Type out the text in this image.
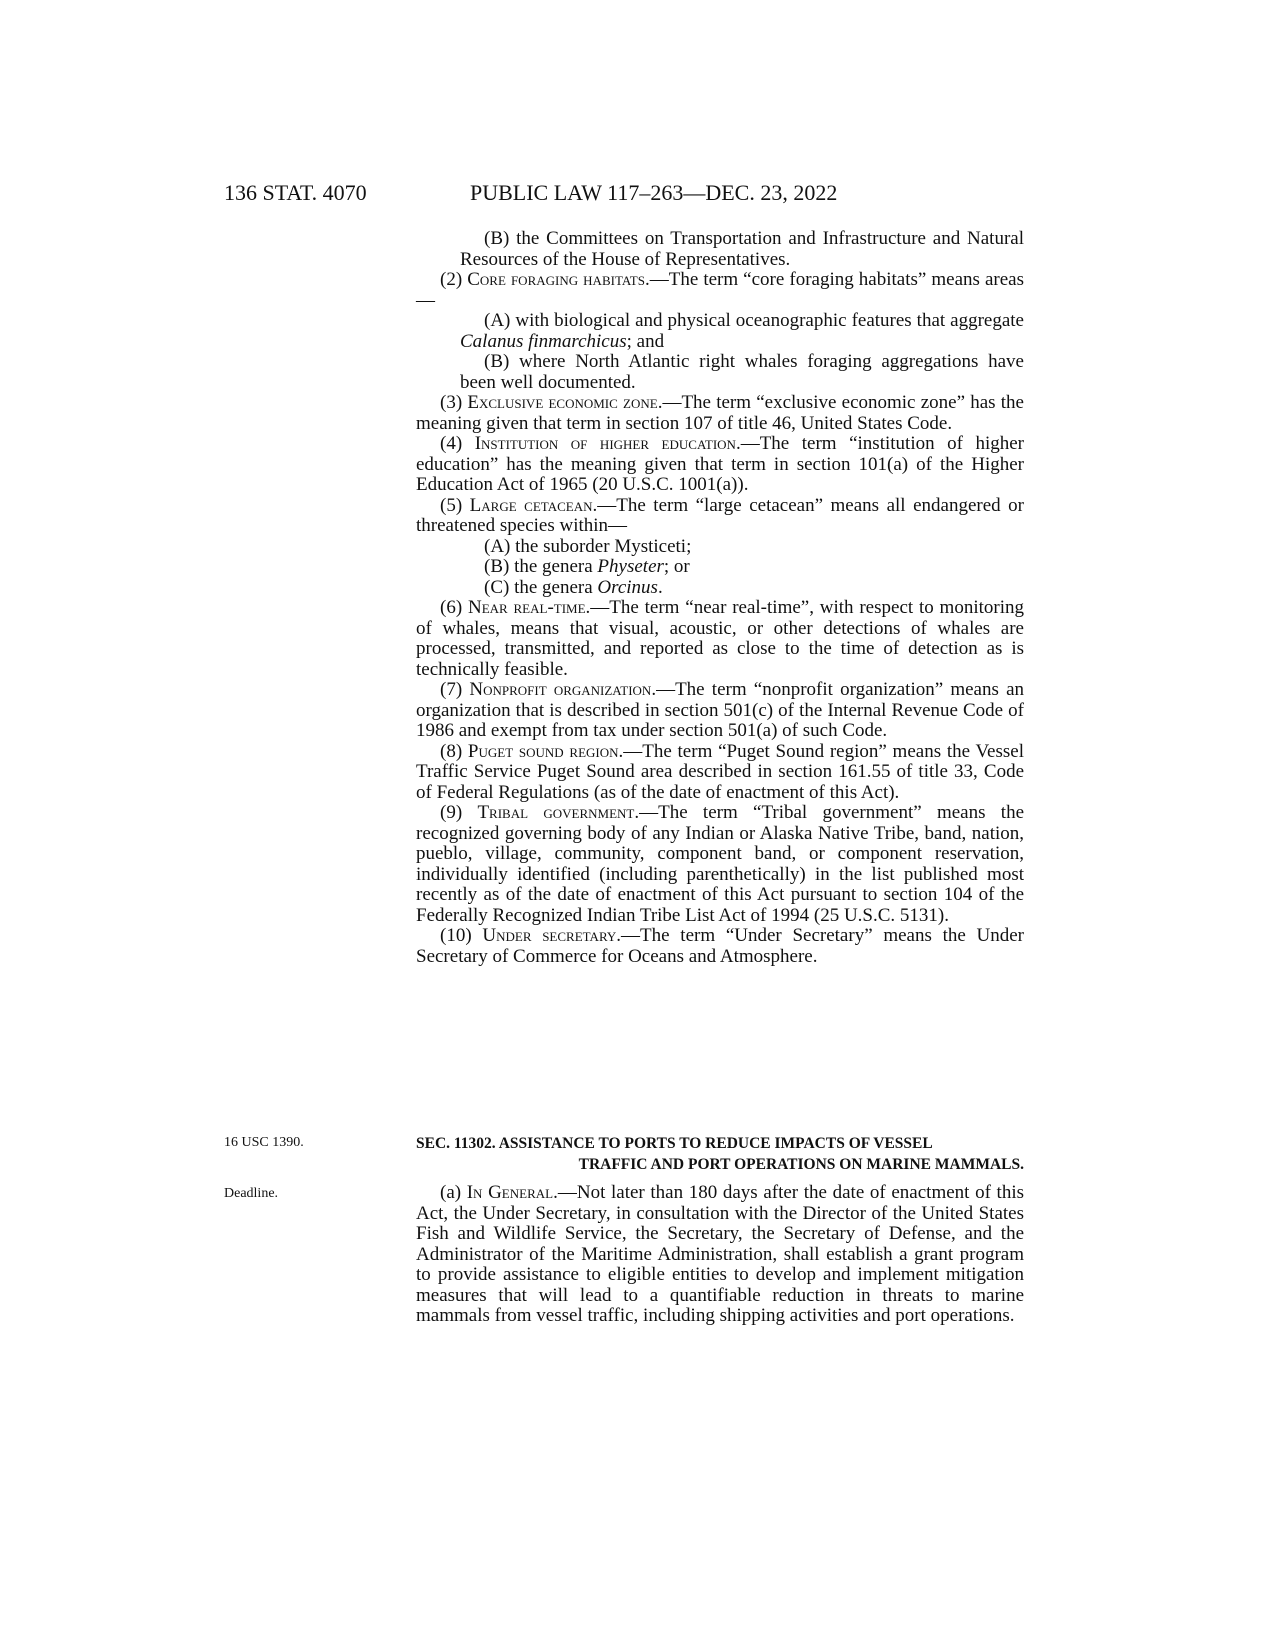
136 STAT. 4070	PUBLIC LAW 117–263—DEC. 23, 2022

(B) the Committees on Transportation and Infrastructure and Natural Resources of the House of Representatives.

(2) Core foraging habitats.—The term “core foraging habitats” means areas—

(A) with biological and physical oceanographic features that aggregate Calanus finmarchicus; and

(B) where North Atlantic right whales foraging aggregations have been well documented.

(3) Exclusive economic zone.—The term “exclusive economic zone” has the meaning given that term in section 107 of title 46, United States Code.

(4) Institution of higher education.—The term “institution of higher education” has the meaning given that term in section 101(a) of the Higher Education Act of 1965 (20 U.S.C. 1001(a)).

(5) Large cetacean.—The term “large cetacean” means all endangered or threatened species within—

(A) the suborder Mysticeti;

(B) the genera Physeter; or

(C) the genera Orcinus.

(6) Near real-time.—The term “near real-time”, with respect to monitoring of whales, means that visual, acoustic, or other detections of whales are processed, transmitted, and reported as close to the time of detection as is technically feasible.

(7) Nonprofit organization.—The term “nonprofit organization” means an organization that is described in section 501(c) of the Internal Revenue Code of 1986 and exempt from tax under section 501(a) of such Code.

(8) Puget sound region.—The term “Puget Sound region” means the Vessel Traffic Service Puget Sound area described in section 161.55 of title 33, Code of Federal Regulations (as of the date of enactment of this Act).

(9) Tribal government.—The term “Tribal government” means the recognized governing body of any Indian or Alaska Native Tribe, band, nation, pueblo, village, community, component band, or component reservation, individually identified (including parenthetically) in the list published most recently as of the date of enactment of this Act pursuant to section 104 of the Federally Recognized Indian Tribe List Act of 1994 (25 U.S.C. 5131).

(10) Under secretary.—The term “Under Secretary” means the Under Secretary of Commerce for Oceans and Atmosphere.

16 USC 1390.	SEC. 11302. ASSISTANCE TO PORTS TO REDUCE IMPACTS OF VESSEL
TRAFFIC AND PORT OPERATIONS ON MARINE MAMMALS.
Deadline.	(a) In General.—Not later than 180 days after the date of enactment of this Act, the Under Secretary, in consultation with the Director of the United States Fish and Wildlife Service, the Secretary, the Secretary of Defense, and the Administrator of the Maritime Administration, shall establish a grant program to provide assistance to eligible entities to develop and implement mitigation measures that will lead to a quantifiable reduction in threats to marine mammals from vessel traffic, including shipping activities and port operations.
